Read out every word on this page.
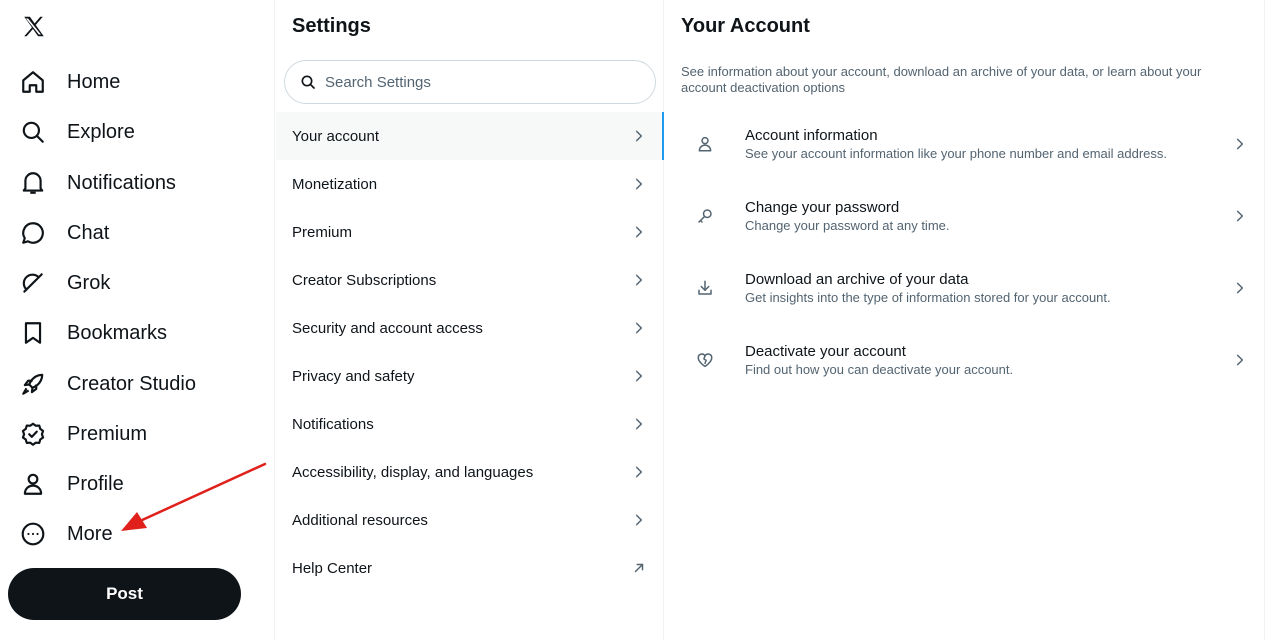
Home
Explore
Notifications
Chat
Grok
Bookmarks
Creator Studio
Premium
Profile
More
Post
Settings
Search Settings
Your account
Monetization
Premium
Creator Subscriptions
Security and account access
Privacy and safety
Notifications
Accessibility, display, and languages
Additional resources
Help Center
Your Account

See information about your account, download an archive of your data, or learn about your account deactivation options

Account information
See your account information like your phone number and email address.
Change your password
Change your password at any time.
Download an archive of your data
Get insights into the type of information stored for your account.
Deactivate your account
Find out how you can deactivate your account.
